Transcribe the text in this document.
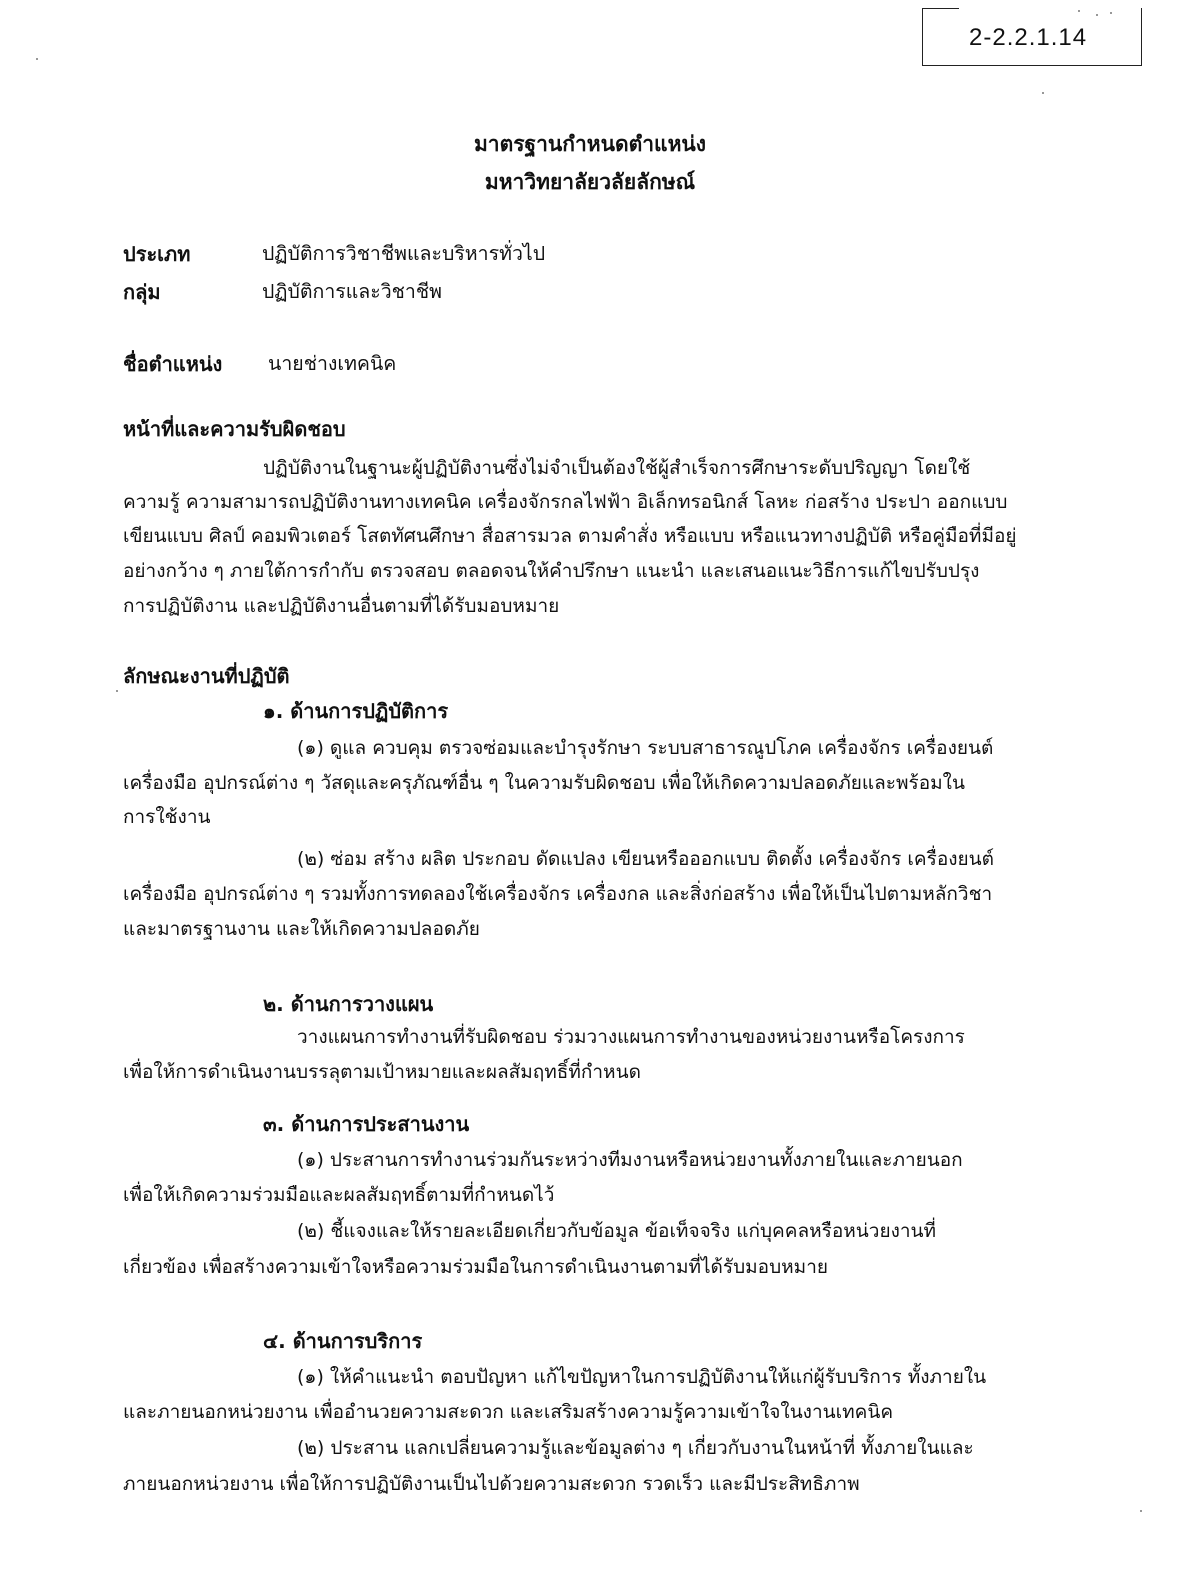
2-2.2.1.14
มาตรฐานกำหนดตำแหน่ง
มหาวิทยาลัยวลัยลักษณ์
ประเภท	ปฏิบัติการวิชาชีพและบริหารทั่วไป
กลุ่ม	ปฏิบัติการและวิชาชีพ
ชื่อตำแหน่ง นายช่างเทคนิค
หน้าที่และความรับผิดชอบ
ปฏิบัติงานในฐานะผู้ปฏิบัติงานซึ่งไม่จำเป็นต้องใช้ผู้สำเร็จการศึกษาระดับปริญญา โดยใช้
ความรู้ ความสามารถปฏิบัติงานทางเทคนิค เครื่องจักรกลไฟฟ้า อิเล็กทรอนิกส์ โลหะ ก่อสร้าง ประปา ออกแบบ
เขียนแบบ ศิลป์ คอมพิวเตอร์ โสตทัศนศึกษา สื่อสารมวล ตามคำสั่ง หรือแบบ หรือแนวทางปฏิบัติ หรือคู่มือที่มีอยู่
อย่างกว้าง ๆ ภายใต้การกำกับ ตรวจสอบ ตลอดจนให้คำปรึกษา แนะนำ และเสนอแนะวิธีการแก้ไขปรับปรุง
การปฏิบัติงาน และปฏิบัติงานอื่นตามที่ได้รับมอบหมาย
ลักษณะงานที่ปฏิบัติ
๑. ด้านการปฏิบัติการ
(๑) ดูแล ควบคุม ตรวจซ่อมและบำรุงรักษา ระบบสาธารณูปโภค เครื่องจักร เครื่องยนต์
เครื่องมือ อุปกรณ์ต่าง ๆ วัสดุและครุภัณฑ์อื่น ๆ ในความรับผิดชอบ เพื่อให้เกิดความปลอดภัยและพร้อมใน
การใช้งาน
(๒) ซ่อม สร้าง ผลิต ประกอบ ดัดแปลง เขียนหรือออกแบบ ติดตั้ง เครื่องจักร เครื่องยนต์
เครื่องมือ อุปกรณ์ต่าง ๆ รวมทั้งการทดลองใช้เครื่องจักร เครื่องกล และสิ่งก่อสร้าง เพื่อให้เป็นไปตามหลักวิชา
และมาตรฐานงาน และให้เกิดความปลอดภัย
๒. ด้านการวางแผน
วางแผนการทำงานที่รับผิดชอบ ร่วมวางแผนการทำงานของหน่วยงานหรือโครงการ
เพื่อให้การดำเนินงานบรรลุตามเป้าหมายและผลสัมฤทธิ์ที่กำหนด
๓. ด้านการประสานงาน
(๑) ประสานการทำงานร่วมกันระหว่างทีมงานหรือหน่วยงานทั้งภายในและภายนอก
เพื่อให้เกิดความร่วมมือและผลสัมฤทธิ์ตามที่กำหนดไว้
(๒) ชี้แจงและให้รายละเอียดเกี่ยวกับข้อมูล ข้อเท็จจริง แก่บุคคลหรือหน่วยงานที่
เกี่ยวข้อง เพื่อสร้างความเข้าใจหรือความร่วมมือในการดำเนินงานตามที่ได้รับมอบหมาย
๔. ด้านการบริการ
(๑) ให้คำแนะนำ ตอบปัญหา แก้ไขปัญหาในการปฏิบัติงานให้แก่ผู้รับบริการ ทั้งภายใน
และภายนอกหน่วยงาน เพื่ออำนวยความสะดวก และเสริมสร้างความรู้ความเข้าใจในงานเทคนิค
(๒) ประสาน แลกเปลี่ยนความรู้และข้อมูลต่าง ๆ เกี่ยวกับงานในหน้าที่ ทั้งภายในและ
ภายนอกหน่วยงาน เพื่อให้การปฏิบัติงานเป็นไปด้วยความสะดวก รวดเร็ว และมีประสิทธิภาพ
